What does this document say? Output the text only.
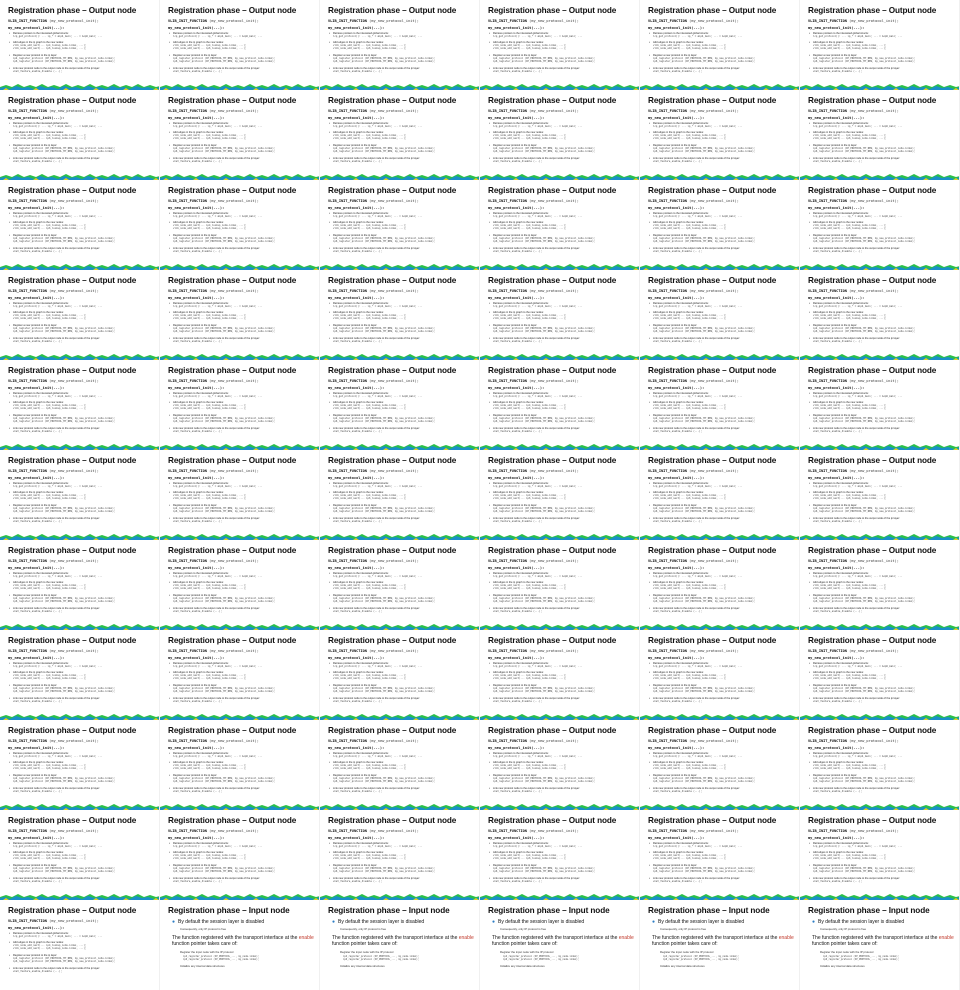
Registration phase – Output node
VLIB_INIT_FUNCTION (my_new_protocol_init);
my_new_protocol_init(...):
• Retrieve pointers to the interested global structs:
lcp_get_protocol(): ... ip_* = &ip4_main; ... = &ip6_main; ...
• Add edges in the ip graph to the new nodes:
vlib_node_add_next(... ip4_lookup_node.index, ...);
vlib_node_add_next(... ip6_lookup_node.index, ...);
• Register a new protocol to the ip layer:
ip4_register_protocol (IP_PROTOCOL_MY_NEW, my_new_protocol_node.index);
ip6_register_protocol (IP_PROTOCOL_MY_NEW, my_new_protocol_node.index);
• Link new protocol node to the output node to the output node of the ip layer:
vnet_feature_enable_disable (...);
Registration phase – Output node
VLIB_INIT_FUNCTION (my_new_protocol_init);
my_new_protocol_init(...):
• Retrieve pointers to the interested global structs:
lcp_get_protocol(): ... ip_* = &ip4_main; ... = &ip6_main; ...
• Add edges in the ip graph to the new nodes:
vlib_node_add_next(... ip4_lookup_node.index, ...);
vlib_node_add_next(... ip6_lookup_node.index, ...);
• Register a new protocol to the ip layer:
ip4_register_protocol (IP_PROTOCOL_MY_NEW, my_new_protocol_node.index);
ip6_register_protocol (IP_PROTOCOL_MY_NEW, my_new_protocol_node.index);
• Link new protocol node to the output node to the output node of the ip layer:
vnet_feature_enable_disable (...);
Registration phase – Output node
VLIB_INIT_FUNCTION (my_new_protocol_init);
my_new_protocol_init(...):
• Retrieve pointers to the interested global structs:
lcp_get_protocol(): ... ip_* = &ip4_main; ... = &ip6_main; ...
• Add edges in the ip graph to the new nodes:
vlib_node_add_next(... ip4_lookup_node.index, ...);
vlib_node_add_next(... ip6_lookup_node.index, ...);
• Register a new protocol to the ip layer:
ip4_register_protocol (IP_PROTOCOL_MY_NEW, my_new_protocol_node.index);
ip6_register_protocol (IP_PROTOCOL_MY_NEW, my_new_protocol_node.index);
• Link new protocol node to the output node to the output node of the ip layer:
vnet_feature_enable_disable (...);
Registration phase – Output node
VLIB_INIT_FUNCTION (my_new_protocol_init);
my_new_protocol_init(...):
• Retrieve pointers to the interested global structs:
lcp_get_protocol(): ... ip_* = &ip4_main; ... = &ip6_main; ...
• Add edges in the ip graph to the new nodes:
vlib_node_add_next(... ip4_lookup_node.index, ...);
vlib_node_add_next(... ip6_lookup_node.index, ...);
• Register a new protocol to the ip layer:
ip4_register_protocol (IP_PROTOCOL_MY_NEW, my_new_protocol_node.index);
ip6_register_protocol (IP_PROTOCOL_MY_NEW, my_new_protocol_node.index);
• Link new protocol node to the output node to the output node of the ip layer:
vnet_feature_enable_disable (...);
Registration phase – Output node
VLIB_INIT_FUNCTION (my_new_protocol_init);
my_new_protocol_init(...):
• Retrieve pointers to the interested global structs:
lcp_get_protocol(): ... ip_* = &ip4_main; ... = &ip6_main; ...
• Add edges in the ip graph to the new nodes:
vlib_node_add_next(... ip4_lookup_node.index, ...);
vlib_node_add_next(... ip6_lookup_node.index, ...);
• Register a new protocol to the ip layer:
ip4_register_protocol (IP_PROTOCOL_MY_NEW, my_new_protocol_node.index);
ip6_register_protocol (IP_PROTOCOL_MY_NEW, my_new_protocol_node.index);
• Link new protocol node to the output node to the output node of the ip layer:
vnet_feature_enable_disable (...);
Registration phase – Output node
VLIB_INIT_FUNCTION (my_new_protocol_init);
my_new_protocol_init(...):
• Retrieve pointers to the interested global structs:
lcp_get_protocol(): ... ip_* = &ip4_main; ... = &ip6_main; ...
• Add edges in the ip graph to the new nodes:
vlib_node_add_next(... ip4_lookup_node.index, ...);
vlib_node_add_next(... ip6_lookup_node.index, ...);
• Register a new protocol to the ip layer:
ip4_register_protocol (IP_PROTOCOL_MY_NEW, my_new_protocol_node.index);
ip6_register_protocol (IP_PROTOCOL_MY_NEW, my_new_protocol_node.index);
• Link new protocol node to the output node to the output node of the ip layer:
vnet_feature_enable_disable (...);
Registration phase – Output node
VLIB_INIT_FUNCTION (my_new_protocol_init);
my_new_protocol_init(...):
• Retrieve pointers to the interested global structs:
lcp_get_protocol(): ... ip_* = &ip4_main; ... = &ip6_main; ...
• Add edges in the ip graph to the new nodes:
vlib_node_add_next(... ip4_lookup_node.index, ...);
vlib_node_add_next(... ip6_lookup_node.index, ...);
• Register a new protocol to the ip layer:
ip4_register_protocol (IP_PROTOCOL_MY_NEW, my_new_protocol_node.index);
ip6_register_protocol (IP_PROTOCOL_MY_NEW, my_new_protocol_node.index);
• Link new protocol node to the output node to the output node of the ip layer:
vnet_feature_enable_disable (...);
Registration phase – Output node
VLIB_INIT_FUNCTION (my_new_protocol_init);
my_new_protocol_init(...):
• Retrieve pointers to the interested global structs:
lcp_get_protocol(): ... ip_* = &ip4_main; ... = &ip6_main; ...
• Add edges in the ip graph to the new nodes:
vlib_node_add_next(... ip4_lookup_node.index, ...);
vlib_node_add_next(... ip6_lookup_node.index, ...);
• Register a new protocol to the ip layer:
ip4_register_protocol (IP_PROTOCOL_MY_NEW, my_new_protocol_node.index);
ip6_register_protocol (IP_PROTOCOL_MY_NEW, my_new_protocol_node.index);
• Link new protocol node to the output node to the output node of the ip layer:
vnet_feature_enable_disable (...);
Registration phase – Output node
VLIB_INIT_FUNCTION (my_new_protocol_init);
my_new_protocol_init(...):
• Retrieve pointers to the interested global structs:
lcp_get_protocol(): ... ip_* = &ip4_main; ... = &ip6_main; ...
• Add edges in the ip graph to the new nodes:
vlib_node_add_next(... ip4_lookup_node.index, ...);
vlib_node_add_next(... ip6_lookup_node.index, ...);
• Register a new protocol to the ip layer:
ip4_register_protocol (IP_PROTOCOL_MY_NEW, my_new_protocol_node.index);
ip6_register_protocol (IP_PROTOCOL_MY_NEW, my_new_protocol_node.index);
• Link new protocol node to the output node to the output node of the ip layer:
vnet_feature_enable_disable (...);
Registration phase – Output node
VLIB_INIT_FUNCTION (my_new_protocol_init);
my_new_protocol_init(...):
• Retrieve pointers to the interested global structs:
lcp_get_protocol(): ... ip_* = &ip4_main; ... = &ip6_main; ...
• Add edges in the ip graph to the new nodes:
vlib_node_add_next(... ip4_lookup_node.index, ...);
vlib_node_add_next(... ip6_lookup_node.index, ...);
• Register a new protocol to the ip layer:
ip4_register_protocol (IP_PROTOCOL_MY_NEW, my_new_protocol_node.index);
ip6_register_protocol (IP_PROTOCOL_MY_NEW, my_new_protocol_node.index);
• Link new protocol node to the output node to the output node of the ip layer:
vnet_feature_enable_disable (...);
Registration phase – Output node
VLIB_INIT_FUNCTION (my_new_protocol_init);
my_new_protocol_init(...):
• Retrieve pointers to the interested global structs:
lcp_get_protocol(): ... ip_* = &ip4_main; ... = &ip6_main; ...
• Add edges in the ip graph to the new nodes:
vlib_node_add_next(... ip4_lookup_node.index, ...);
vlib_node_add_next(... ip6_lookup_node.index, ...);
• Register a new protocol to the ip layer:
ip4_register_protocol (IP_PROTOCOL_MY_NEW, my_new_protocol_node.index);
ip6_register_protocol (IP_PROTOCOL_MY_NEW, my_new_protocol_node.index);
• Link new protocol node to the output node to the output node of the ip layer:
vnet_feature_enable_disable (...);
Registration phase – Output node
VLIB_INIT_FUNCTION (my_new_protocol_init);
my_new_protocol_init(...):
• Retrieve pointers to the interested global structs:
lcp_get_protocol(): ... ip_* = &ip4_main; ... = &ip6_main; ...
• Add edges in the ip graph to the new nodes:
vlib_node_add_next(... ip4_lookup_node.index, ...);
vlib_node_add_next(... ip6_lookup_node.index, ...);
• Register a new protocol to the ip layer:
ip4_register_protocol (IP_PROTOCOL_MY_NEW, my_new_protocol_node.index);
ip6_register_protocol (IP_PROTOCOL_MY_NEW, my_new_protocol_node.index);
• Link new protocol node to the output node to the output node of the ip layer:
vnet_feature_enable_disable (...);
Registration phase – Output node
VLIB_INIT_FUNCTION (my_new_protocol_init);
my_new_protocol_init(...):
• Retrieve pointers to the interested global structs:
lcp_get_protocol(): ... ip_* = &ip4_main; ... = &ip6_main; ...
• Add edges in the ip graph to the new nodes:
vlib_node_add_next(... ip4_lookup_node.index, ...);
vlib_node_add_next(... ip6_lookup_node.index, ...);
• Register a new protocol to the ip layer:
ip4_register_protocol (IP_PROTOCOL_MY_NEW, my_new_protocol_node.index);
ip6_register_protocol (IP_PROTOCOL_MY_NEW, my_new_protocol_node.index);
• Link new protocol node to the output node to the output node of the ip layer:
vnet_feature_enable_disable (...);
Registration phase – Output node
VLIB_INIT_FUNCTION (my_new_protocol_init);
my_new_protocol_init(...):
• Retrieve pointers to the interested global structs:
lcp_get_protocol(): ... ip_* = &ip4_main; ... = &ip6_main; ...
• Add edges in the ip graph to the new nodes:
vlib_node_add_next(... ip4_lookup_node.index, ...);
vlib_node_add_next(... ip6_lookup_node.index, ...);
• Register a new protocol to the ip layer:
ip4_register_protocol (IP_PROTOCOL_MY_NEW, my_new_protocol_node.index);
ip6_register_protocol (IP_PROTOCOL_MY_NEW, my_new_protocol_node.index);
• Link new protocol node to the output node to the output node of the ip layer:
vnet_feature_enable_disable (...);
Registration phase – Output node
VLIB_INIT_FUNCTION (my_new_protocol_init);
my_new_protocol_init(...):
• Retrieve pointers to the interested global structs:
lcp_get_protocol(): ... ip_* = &ip4_main; ... = &ip6_main; ...
• Add edges in the ip graph to the new nodes:
vlib_node_add_next(... ip4_lookup_node.index, ...);
vlib_node_add_next(... ip6_lookup_node.index, ...);
• Register a new protocol to the ip layer:
ip4_register_protocol (IP_PROTOCOL_MY_NEW, my_new_protocol_node.index);
ip6_register_protocol (IP_PROTOCOL_MY_NEW, my_new_protocol_node.index);
• Link new protocol node to the output node to the output node of the ip layer:
vnet_feature_enable_disable (...);
Registration phase – Output node
VLIB_INIT_FUNCTION (my_new_protocol_init);
my_new_protocol_init(...):
• Retrieve pointers to the interested global structs:
lcp_get_protocol(): ... ip_* = &ip4_main; ... = &ip6_main; ...
• Add edges in the ip graph to the new nodes:
vlib_node_add_next(... ip4_lookup_node.index, ...);
vlib_node_add_next(... ip6_lookup_node.index, ...);
• Register a new protocol to the ip layer:
ip4_register_protocol (IP_PROTOCOL_MY_NEW, my_new_protocol_node.index);
ip6_register_protocol (IP_PROTOCOL_MY_NEW, my_new_protocol_node.index);
• Link new protocol node to the output node to the output node of the ip layer:
vnet_feature_enable_disable (...);
Registration phase – Output node
VLIB_INIT_FUNCTION (my_new_protocol_init);
my_new_protocol_init(...):
• Retrieve pointers to the interested global structs:
lcp_get_protocol(): ... ip_* = &ip4_main; ... = &ip6_main; ...
• Add edges in the ip graph to the new nodes:
vlib_node_add_next(... ip4_lookup_node.index, ...);
vlib_node_add_next(... ip6_lookup_node.index, ...);
• Register a new protocol to the ip layer:
ip4_register_protocol (IP_PROTOCOL_MY_NEW, my_new_protocol_node.index);
ip6_register_protocol (IP_PROTOCOL_MY_NEW, my_new_protocol_node.index);
• Link new protocol node to the output node to the output node of the ip layer:
vnet_feature_enable_disable (...);
Registration phase – Output node
VLIB_INIT_FUNCTION (my_new_protocol_init);
my_new_protocol_init(...):
• Retrieve pointers to the interested global structs:
lcp_get_protocol(): ... ip_* = &ip4_main; ... = &ip6_main; ...
• Add edges in the ip graph to the new nodes:
vlib_node_add_next(... ip4_lookup_node.index, ...);
vlib_node_add_next(... ip6_lookup_node.index, ...);
• Register a new protocol to the ip layer:
ip4_register_protocol (IP_PROTOCOL_MY_NEW, my_new_protocol_node.index);
ip6_register_protocol (IP_PROTOCOL_MY_NEW, my_new_protocol_node.index);
• Link new protocol node to the output node to the output node of the ip layer:
vnet_feature_enable_disable (...);
Registration phase – Output node
VLIB_INIT_FUNCTION (my_new_protocol_init);
my_new_protocol_init(...):
• Retrieve pointers to the interested global structs:
lcp_get_protocol(): ... ip_* = &ip4_main; ... = &ip6_main; ...
• Add edges in the ip graph to the new nodes:
vlib_node_add_next(... ip4_lookup_node.index, ...);
vlib_node_add_next(... ip6_lookup_node.index, ...);
• Register a new protocol to the ip layer:
ip4_register_protocol (IP_PROTOCOL_MY_NEW, my_new_protocol_node.index);
ip6_register_protocol (IP_PROTOCOL_MY_NEW, my_new_protocol_node.index);
• Link new protocol node to the output node to the output node of the ip layer:
vnet_feature_enable_disable (...);
Registration phase – Output node
VLIB_INIT_FUNCTION (my_new_protocol_init);
my_new_protocol_init(...):
• Retrieve pointers to the interested global structs:
lcp_get_protocol(): ... ip_* = &ip4_main; ... = &ip6_main; ...
• Add edges in the ip graph to the new nodes:
vlib_node_add_next(... ip4_lookup_node.index, ...);
vlib_node_add_next(... ip6_lookup_node.index, ...);
• Register a new protocol to the ip layer:
ip4_register_protocol (IP_PROTOCOL_MY_NEW, my_new_protocol_node.index);
ip6_register_protocol (IP_PROTOCOL_MY_NEW, my_new_protocol_node.index);
• Link new protocol node to the output node to the output node of the ip layer:
vnet_feature_enable_disable (...);
Registration phase – Output node
VLIB_INIT_FUNCTION (my_new_protocol_init);
my_new_protocol_init(...):
• Retrieve pointers to the interested global structs:
lcp_get_protocol(): ... ip_* = &ip4_main; ... = &ip6_main; ...
• Add edges in the ip graph to the new nodes:
vlib_node_add_next(... ip4_lookup_node.index, ...);
vlib_node_add_next(... ip6_lookup_node.index, ...);
• Register a new protocol to the ip layer:
ip4_register_protocol (IP_PROTOCOL_MY_NEW, my_new_protocol_node.index);
ip6_register_protocol (IP_PROTOCOL_MY_NEW, my_new_protocol_node.index);
• Link new protocol node to the output node to the output node of the ip layer:
vnet_feature_enable_disable (...);
Registration phase – Output node
VLIB_INIT_FUNCTION (my_new_protocol_init);
my_new_protocol_init(...):
• Retrieve pointers to the interested global structs:
lcp_get_protocol(): ... ip_* = &ip4_main; ... = &ip6_main; ...
• Add edges in the ip graph to the new nodes:
vlib_node_add_next(... ip4_lookup_node.index, ...);
vlib_node_add_next(... ip6_lookup_node.index, ...);
• Register a new protocol to the ip layer:
ip4_register_protocol (IP_PROTOCOL_MY_NEW, my_new_protocol_node.index);
ip6_register_protocol (IP_PROTOCOL_MY_NEW, my_new_protocol_node.index);
• Link new protocol node to the output node to the output node of the ip layer:
vnet_feature_enable_disable (...);
Registration phase – Output node
VLIB_INIT_FUNCTION (my_new_protocol_init);
my_new_protocol_init(...):
• Retrieve pointers to the interested global structs:
lcp_get_protocol(): ... ip_* = &ip4_main; ... = &ip6_main; ...
• Add edges in the ip graph to the new nodes:
vlib_node_add_next(... ip4_lookup_node.index, ...);
vlib_node_add_next(... ip6_lookup_node.index, ...);
• Register a new protocol to the ip layer:
ip4_register_protocol (IP_PROTOCOL_MY_NEW, my_new_protocol_node.index);
ip6_register_protocol (IP_PROTOCOL_MY_NEW, my_new_protocol_node.index);
• Link new protocol node to the output node to the output node of the ip layer:
vnet_feature_enable_disable (...);
Registration phase – Output node
VLIB_INIT_FUNCTION (my_new_protocol_init);
my_new_protocol_init(...):
• Retrieve pointers to the interested global structs:
lcp_get_protocol(): ... ip_* = &ip4_main; ... = &ip6_main; ...
• Add edges in the ip graph to the new nodes:
vlib_node_add_next(... ip4_lookup_node.index, ...);
vlib_node_add_next(... ip6_lookup_node.index, ...);
• Register a new protocol to the ip layer:
ip4_register_protocol (IP_PROTOCOL_MY_NEW, my_new_protocol_node.index);
ip6_register_protocol (IP_PROTOCOL_MY_NEW, my_new_protocol_node.index);
• Link new protocol node to the output node to the output node of the ip layer:
vnet_feature_enable_disable (...);
Registration phase – Output node
VLIB_INIT_FUNCTION (my_new_protocol_init);
my_new_protocol_init(...):
• Retrieve pointers to the interested global structs:
lcp_get_protocol(): ... ip_* = &ip4_main; ... = &ip6_main; ...
• Add edges in the ip graph to the new nodes:
vlib_node_add_next(... ip4_lookup_node.index, ...);
vlib_node_add_next(... ip6_lookup_node.index, ...);
• Register a new protocol to the ip layer:
ip4_register_protocol (IP_PROTOCOL_MY_NEW, my_new_protocol_node.index);
ip6_register_protocol (IP_PROTOCOL_MY_NEW, my_new_protocol_node.index);
• Link new protocol node to the output node to the output node of the ip layer:
vnet_feature_enable_disable (...);
Registration phase – Output node
VLIB_INIT_FUNCTION (my_new_protocol_init);
my_new_protocol_init(...):
• Retrieve pointers to the interested global structs:
lcp_get_protocol(): ... ip_* = &ip4_main; ... = &ip6_main; ...
• Add edges in the ip graph to the new nodes:
vlib_node_add_next(... ip4_lookup_node.index, ...);
vlib_node_add_next(... ip6_lookup_node.index, ...);
• Register a new protocol to the ip layer:
ip4_register_protocol (IP_PROTOCOL_MY_NEW, my_new_protocol_node.index);
ip6_register_protocol (IP_PROTOCOL_MY_NEW, my_new_protocol_node.index);
• Link new protocol node to the output node to the output node of the ip layer:
vnet_feature_enable_disable (...);
Registration phase – Output node
VLIB_INIT_FUNCTION (my_new_protocol_init);
my_new_protocol_init(...):
• Retrieve pointers to the interested global structs:
lcp_get_protocol(): ... ip_* = &ip4_main; ... = &ip6_main; ...
• Add edges in the ip graph to the new nodes:
vlib_node_add_next(... ip4_lookup_node.index, ...);
vlib_node_add_next(... ip6_lookup_node.index, ...);
• Register a new protocol to the ip layer:
ip4_register_protocol (IP_PROTOCOL_MY_NEW, my_new_protocol_node.index);
ip6_register_protocol (IP_PROTOCOL_MY_NEW, my_new_protocol_node.index);
• Link new protocol node to the output node to the output node of the ip layer:
vnet_feature_enable_disable (...);
Registration phase – Output node
VLIB_INIT_FUNCTION (my_new_protocol_init);
my_new_protocol_init(...):
• Retrieve pointers to the interested global structs:
lcp_get_protocol(): ... ip_* = &ip4_main; ... = &ip6_main; ...
• Add edges in the ip graph to the new nodes:
vlib_node_add_next(... ip4_lookup_node.index, ...);
vlib_node_add_next(... ip6_lookup_node.index, ...);
• Register a new protocol to the ip layer:
ip4_register_protocol (IP_PROTOCOL_MY_NEW, my_new_protocol_node.index);
ip6_register_protocol (IP_PROTOCOL_MY_NEW, my_new_protocol_node.index);
• Link new protocol node to the output node to the output node of the ip layer:
vnet_feature_enable_disable (...);
Registration phase – Output node
VLIB_INIT_FUNCTION (my_new_protocol_init);
my_new_protocol_init(...):
• Retrieve pointers to the interested global structs:
lcp_get_protocol(): ... ip_* = &ip4_main; ... = &ip6_main; ...
• Add edges in the ip graph to the new nodes:
vlib_node_add_next(... ip4_lookup_node.index, ...);
vlib_node_add_next(... ip6_lookup_node.index, ...);
• Register a new protocol to the ip layer:
ip4_register_protocol (IP_PROTOCOL_MY_NEW, my_new_protocol_node.index);
ip6_register_protocol (IP_PROTOCOL_MY_NEW, my_new_protocol_node.index);
• Link new protocol node to the output node to the output node of the ip layer:
vnet_feature_enable_disable (...);
Registration phase – Output node
VLIB_INIT_FUNCTION (my_new_protocol_init);
my_new_protocol_init(...):
• Retrieve pointers to the interested global structs:
lcp_get_protocol(): ... ip_* = &ip4_main; ... = &ip6_main; ...
• Add edges in the ip graph to the new nodes:
vlib_node_add_next(... ip4_lookup_node.index, ...);
vlib_node_add_next(... ip6_lookup_node.index, ...);
• Register a new protocol to the ip layer:
ip4_register_protocol (IP_PROTOCOL_MY_NEW, my_new_protocol_node.index);
ip6_register_protocol (IP_PROTOCOL_MY_NEW, my_new_protocol_node.index);
• Link new protocol node to the output node to the output node of the ip layer:
vnet_feature_enable_disable (...);
Registration phase – Output node
VLIB_INIT_FUNCTION (my_new_protocol_init);
my_new_protocol_init(...):
• Retrieve pointers to the interested global structs:
lcp_get_protocol(): ... ip_* = &ip4_main; ... = &ip6_main; ...
• Add edges in the ip graph to the new nodes:
vlib_node_add_next(... ip4_lookup_node.index, ...);
vlib_node_add_next(... ip6_lookup_node.index, ...);
• Register a new protocol to the ip layer:
ip4_register_protocol (IP_PROTOCOL_MY_NEW, my_new_protocol_node.index);
ip6_register_protocol (IP_PROTOCOL_MY_NEW, my_new_protocol_node.index);
• Link new protocol node to the output node to the output node of the ip layer:
vnet_feature_enable_disable (...);
Registration phase – Output node
VLIB_INIT_FUNCTION (my_new_protocol_init);
my_new_protocol_init(...):
• Retrieve pointers to the interested global structs:
lcp_get_protocol(): ... ip_* = &ip4_main; ... = &ip6_main; ...
• Add edges in the ip graph to the new nodes:
vlib_node_add_next(... ip4_lookup_node.index, ...);
vlib_node_add_next(... ip6_lookup_node.index, ...);
• Register a new protocol to the ip layer:
ip4_register_protocol (IP_PROTOCOL_MY_NEW, my_new_protocol_node.index);
ip6_register_protocol (IP_PROTOCOL_MY_NEW, my_new_protocol_node.index);
• Link new protocol node to the output node to the output node of the ip layer:
vnet_feature_enable_disable (...);
Registration phase – Output node
VLIB_INIT_FUNCTION (my_new_protocol_init);
my_new_protocol_init(...):
• Retrieve pointers to the interested global structs:
lcp_get_protocol(): ... ip_* = &ip4_main; ... = &ip6_main; ...
• Add edges in the ip graph to the new nodes:
vlib_node_add_next(... ip4_lookup_node.index, ...);
vlib_node_add_next(... ip6_lookup_node.index, ...);
• Register a new protocol to the ip layer:
ip4_register_protocol (IP_PROTOCOL_MY_NEW, my_new_protocol_node.index);
ip6_register_protocol (IP_PROTOCOL_MY_NEW, my_new_protocol_node.index);
• Link new protocol node to the output node to the output node of the ip layer:
vnet_feature_enable_disable (...);
Registration phase – Output node
VLIB_INIT_FUNCTION (my_new_protocol_init);
my_new_protocol_init(...):
• Retrieve pointers to the interested global structs:
lcp_get_protocol(): ... ip_* = &ip4_main; ... = &ip6_main; ...
• Add edges in the ip graph to the new nodes:
vlib_node_add_next(... ip4_lookup_node.index, ...);
vlib_node_add_next(... ip6_lookup_node.index, ...);
• Register a new protocol to the ip layer:
ip4_register_protocol (IP_PROTOCOL_MY_NEW, my_new_protocol_node.index);
ip6_register_protocol (IP_PROTOCOL_MY_NEW, my_new_protocol_node.index);
• Link new protocol node to the output node to the output node of the ip layer:
vnet_feature_enable_disable (...);
Registration phase – Output node
VLIB_INIT_FUNCTION (my_new_protocol_init);
my_new_protocol_init(...):
• Retrieve pointers to the interested global structs:
lcp_get_protocol(): ... ip_* = &ip4_main; ... = &ip6_main; ...
• Add edges in the ip graph to the new nodes:
vlib_node_add_next(... ip4_lookup_node.index, ...);
vlib_node_add_next(... ip6_lookup_node.index, ...);
• Register a new protocol to the ip layer:
ip4_register_protocol (IP_PROTOCOL_MY_NEW, my_new_protocol_node.index);
ip6_register_protocol (IP_PROTOCOL_MY_NEW, my_new_protocol_node.index);
• Link new protocol node to the output node to the output node of the ip layer:
vnet_feature_enable_disable (...);
Registration phase – Output node
VLIB_INIT_FUNCTION (my_new_protocol_init);
my_new_protocol_init(...):
• Retrieve pointers to the interested global structs:
lcp_get_protocol(): ... ip_* = &ip4_main; ... = &ip6_main; ...
• Add edges in the ip graph to the new nodes:
vlib_node_add_next(... ip4_lookup_node.index, ...);
vlib_node_add_next(... ip6_lookup_node.index, ...);
• Register a new protocol to the ip layer:
ip4_register_protocol (IP_PROTOCOL_MY_NEW, my_new_protocol_node.index);
ip6_register_protocol (IP_PROTOCOL_MY_NEW, my_new_protocol_node.index);
• Link new protocol node to the output node to the output node of the ip layer:
vnet_feature_enable_disable (...);
Registration phase – Output node
VLIB_INIT_FUNCTION (my_new_protocol_init);
my_new_protocol_init(...):
• Retrieve pointers to the interested global structs:
lcp_get_protocol(): ... ip_* = &ip4_main; ... = &ip6_main; ...
• Add edges in the ip graph to the new nodes:
vlib_node_add_next(... ip4_lookup_node.index, ...);
vlib_node_add_next(... ip6_lookup_node.index, ...);
• Register a new protocol to the ip layer:
ip4_register_protocol (IP_PROTOCOL_MY_NEW, my_new_protocol_node.index);
ip6_register_protocol (IP_PROTOCOL_MY_NEW, my_new_protocol_node.index);
• Link new protocol node to the output node to the output node of the ip layer:
vnet_feature_enable_disable (...);
Registration phase – Output node
VLIB_INIT_FUNCTION (my_new_protocol_init);
my_new_protocol_init(...):
• Retrieve pointers to the interested global structs:
lcp_get_protocol(): ... ip_* = &ip4_main; ... = &ip6_main; ...
• Add edges in the ip graph to the new nodes:
vlib_node_add_next(... ip4_lookup_node.index, ...);
vlib_node_add_next(... ip6_lookup_node.index, ...);
• Register a new protocol to the ip layer:
ip4_register_protocol (IP_PROTOCOL_MY_NEW, my_new_protocol_node.index);
ip6_register_protocol (IP_PROTOCOL_MY_NEW, my_new_protocol_node.index);
• Link new protocol node to the output node to the output node of the ip layer:
vnet_feature_enable_disable (...);
Registration phase – Output node
VLIB_INIT_FUNCTION (my_new_protocol_init);
my_new_protocol_init(...):
• Retrieve pointers to the interested global structs:
lcp_get_protocol(): ... ip_* = &ip4_main; ... = &ip6_main; ...
• Add edges in the ip graph to the new nodes:
vlib_node_add_next(... ip4_lookup_node.index, ...);
vlib_node_add_next(... ip6_lookup_node.index, ...);
• Register a new protocol to the ip layer:
ip4_register_protocol (IP_PROTOCOL_MY_NEW, my_new_protocol_node.index);
ip6_register_protocol (IP_PROTOCOL_MY_NEW, my_new_protocol_node.index);
• Link new protocol node to the output node to the output node of the ip layer:
vnet_feature_enable_disable (...);
Registration phase – Output node
VLIB_INIT_FUNCTION (my_new_protocol_init);
my_new_protocol_init(...):
• Retrieve pointers to the interested global structs:
lcp_get_protocol(): ... ip_* = &ip4_main; ... = &ip6_main; ...
• Add edges in the ip graph to the new nodes:
vlib_node_add_next(... ip4_lookup_node.index, ...);
vlib_node_add_next(... ip6_lookup_node.index, ...);
• Register a new protocol to the ip layer:
ip4_register_protocol (IP_PROTOCOL_MY_NEW, my_new_protocol_node.index);
ip6_register_protocol (IP_PROTOCOL_MY_NEW, my_new_protocol_node.index);
• Link new protocol node to the output node to the output node of the ip layer:
vnet_feature_enable_disable (...);
Registration phase – Output node
VLIB_INIT_FUNCTION (my_new_protocol_init);
my_new_protocol_init(...):
• Retrieve pointers to the interested global structs:
lcp_get_protocol(): ... ip_* = &ip4_main; ... = &ip6_main; ...
• Add edges in the ip graph to the new nodes:
vlib_node_add_next(... ip4_lookup_node.index, ...);
vlib_node_add_next(... ip6_lookup_node.index, ...);
• Register a new protocol to the ip layer:
ip4_register_protocol (IP_PROTOCOL_MY_NEW, my_new_protocol_node.index);
ip6_register_protocol (IP_PROTOCOL_MY_NEW, my_new_protocol_node.index);
• Link new protocol node to the output node to the output node of the ip layer:
vnet_feature_enable_disable (...);
Registration phase – Output node
VLIB_INIT_FUNCTION (my_new_protocol_init);
my_new_protocol_init(...):
• Retrieve pointers to the interested global structs:
lcp_get_protocol(): ... ip_* = &ip4_main; ... = &ip6_main; ...
• Add edges in the ip graph to the new nodes:
vlib_node_add_next(... ip4_lookup_node.index, ...);
vlib_node_add_next(... ip6_lookup_node.index, ...);
• Register a new protocol to the ip layer:
ip4_register_protocol (IP_PROTOCOL_MY_NEW, my_new_protocol_node.index);
ip6_register_protocol (IP_PROTOCOL_MY_NEW, my_new_protocol_node.index);
• Link new protocol node to the output node to the output node of the ip layer:
vnet_feature_enable_disable (...);
Registration phase – Output node
VLIB_INIT_FUNCTION (my_new_protocol_init);
my_new_protocol_init(...):
• Retrieve pointers to the interested global structs:
lcp_get_protocol(): ... ip_* = &ip4_main; ... = &ip6_main; ...
• Add edges in the ip graph to the new nodes:
vlib_node_add_next(... ip4_lookup_node.index, ...);
vlib_node_add_next(... ip6_lookup_node.index, ...);
• Register a new protocol to the ip layer:
ip4_register_protocol (IP_PROTOCOL_MY_NEW, my_new_protocol_node.index);
ip6_register_protocol (IP_PROTOCOL_MY_NEW, my_new_protocol_node.index);
• Link new protocol node to the output node to the output node of the ip layer:
vnet_feature_enable_disable (...);
Registration phase – Output node
VLIB_INIT_FUNCTION (my_new_protocol_init);
my_new_protocol_init(...):
• Retrieve pointers to the interested global structs:
lcp_get_protocol(): ... ip_* = &ip4_main; ... = &ip6_main; ...
• Add edges in the ip graph to the new nodes:
vlib_node_add_next(... ip4_lookup_node.index, ...);
vlib_node_add_next(... ip6_lookup_node.index, ...);
• Register a new protocol to the ip layer:
ip4_register_protocol (IP_PROTOCOL_MY_NEW, my_new_protocol_node.index);
ip6_register_protocol (IP_PROTOCOL_MY_NEW, my_new_protocol_node.index);
• Link new protocol node to the output node to the output node of the ip layer:
vnet_feature_enable_disable (...);
Registration phase – Output node
VLIB_INIT_FUNCTION (my_new_protocol_init);
my_new_protocol_init(...):
• Retrieve pointers to the interested global structs:
lcp_get_protocol(): ... ip_* = &ip4_main; ... = &ip6_main; ...
• Add edges in the ip graph to the new nodes:
vlib_node_add_next(... ip4_lookup_node.index, ...);
vlib_node_add_next(... ip6_lookup_node.index, ...);
• Register a new protocol to the ip layer:
ip4_register_protocol (IP_PROTOCOL_MY_NEW, my_new_protocol_node.index);
ip6_register_protocol (IP_PROTOCOL_MY_NEW, my_new_protocol_node.index);
• Link new protocol node to the output node to the output node of the ip layer:
vnet_feature_enable_disable (...);
Registration phase – Output node
VLIB_INIT_FUNCTION (my_new_protocol_init);
my_new_protocol_init(...):
• Retrieve pointers to the interested global structs:
lcp_get_protocol(): ... ip_* = &ip4_main; ... = &ip6_main; ...
• Add edges in the ip graph to the new nodes:
vlib_node_add_next(... ip4_lookup_node.index, ...);
vlib_node_add_next(... ip6_lookup_node.index, ...);
• Register a new protocol to the ip layer:
ip4_register_protocol (IP_PROTOCOL_MY_NEW, my_new_protocol_node.index);
ip6_register_protocol (IP_PROTOCOL_MY_NEW, my_new_protocol_node.index);
• Link new protocol node to the output node to the output node of the ip layer:
vnet_feature_enable_disable (...);
Registration phase – Output node
VLIB_INIT_FUNCTION (my_new_protocol_init);
my_new_protocol_init(...):
• Retrieve pointers to the interested global structs:
lcp_get_protocol(): ... ip_* = &ip4_main; ... = &ip6_main; ...
• Add edges in the ip graph to the new nodes:
vlib_node_add_next(... ip4_lookup_node.index, ...);
vlib_node_add_next(... ip6_lookup_node.index, ...);
• Register a new protocol to the ip layer:
ip4_register_protocol (IP_PROTOCOL_MY_NEW, my_new_protocol_node.index);
ip6_register_protocol (IP_PROTOCOL_MY_NEW, my_new_protocol_node.index);
• Link new protocol node to the output node to the output node of the ip layer:
vnet_feature_enable_disable (...);
Registration phase – Output node
VLIB_INIT_FUNCTION (my_new_protocol_init);
my_new_protocol_init(...):
• Retrieve pointers to the interested global structs:
lcp_get_protocol(): ... ip_* = &ip4_main; ... = &ip6_main; ...
• Add edges in the ip graph to the new nodes:
vlib_node_add_next(... ip4_lookup_node.index, ...);
vlib_node_add_next(... ip6_lookup_node.index, ...);
• Register a new protocol to the ip layer:
ip4_register_protocol (IP_PROTOCOL_MY_NEW, my_new_protocol_node.index);
ip6_register_protocol (IP_PROTOCOL_MY_NEW, my_new_protocol_node.index);
• Link new protocol node to the output node to the output node of the ip layer:
vnet_feature_enable_disable (...);
Registration phase – Output node
VLIB_INIT_FUNCTION (my_new_protocol_init);
my_new_protocol_init(...):
• Retrieve pointers to the interested global structs:
lcp_get_protocol(): ... ip_* = &ip4_main; ... = &ip6_main; ...
• Add edges in the ip graph to the new nodes:
vlib_node_add_next(... ip4_lookup_node.index, ...);
vlib_node_add_next(... ip6_lookup_node.index, ...);
• Register a new protocol to the ip layer:
ip4_register_protocol (IP_PROTOCOL_MY_NEW, my_new_protocol_node.index);
ip6_register_protocol (IP_PROTOCOL_MY_NEW, my_new_protocol_node.index);
• Link new protocol node to the output node to the output node of the ip layer:
vnet_feature_enable_disable (...);
Registration phase – Output node
VLIB_INIT_FUNCTION (my_new_protocol_init);
my_new_protocol_init(...):
• Retrieve pointers to the interested global structs:
lcp_get_protocol(): ... ip_* = &ip4_main; ... = &ip6_main; ...
• Add edges in the ip graph to the new nodes:
vlib_node_add_next(... ip4_lookup_node.index, ...);
vlib_node_add_next(... ip6_lookup_node.index, ...);
• Register a new protocol to the ip layer:
ip4_register_protocol (IP_PROTOCOL_MY_NEW, my_new_protocol_node.index);
ip6_register_protocol (IP_PROTOCOL_MY_NEW, my_new_protocol_node.index);
• Link new protocol node to the output node to the output node of the ip layer:
vnet_feature_enable_disable (...);
Registration phase – Output node
VLIB_INIT_FUNCTION (my_new_protocol_init);
my_new_protocol_init(...):
• Retrieve pointers to the interested global structs:
lcp_get_protocol(): ... ip_* = &ip4_main; ... = &ip6_main; ...
• Add edges in the ip graph to the new nodes:
vlib_node_add_next(... ip4_lookup_node.index, ...);
vlib_node_add_next(... ip6_lookup_node.index, ...);
• Register a new protocol to the ip layer:
ip4_register_protocol (IP_PROTOCOL_MY_NEW, my_new_protocol_node.index);
ip6_register_protocol (IP_PROTOCOL_MY_NEW, my_new_protocol_node.index);
• Link new protocol node to the output node to the output node of the ip layer:
vnet_feature_enable_disable (...);
Registration phase – Output node
VLIB_INIT_FUNCTION (my_new_protocol_init);
my_new_protocol_init(...):
• Retrieve pointers to the interested global structs:
lcp_get_protocol(): ... ip_* = &ip4_main; ... = &ip6_main; ...
• Add edges in the ip graph to the new nodes:
vlib_node_add_next(... ip4_lookup_node.index, ...);
vlib_node_add_next(... ip6_lookup_node.index, ...);
• Register a new protocol to the ip layer:
ip4_register_protocol (IP_PROTOCOL_MY_NEW, my_new_protocol_node.index);
ip6_register_protocol (IP_PROTOCOL_MY_NEW, my_new_protocol_node.index);
• Link new protocol node to the output node to the output node of the ip layer:
vnet_feature_enable_disable (...);
Registration phase – Output node
VLIB_INIT_FUNCTION (my_new_protocol_init);
my_new_protocol_init(...):
• Retrieve pointers to the interested global structs:
lcp_get_protocol(): ... ip_* = &ip4_main; ... = &ip6_main; ...
• Add edges in the ip graph to the new nodes:
vlib_node_add_next(... ip4_lookup_node.index, ...);
vlib_node_add_next(... ip6_lookup_node.index, ...);
• Register a new protocol to the ip layer:
ip4_register_protocol (IP_PROTOCOL_MY_NEW, my_new_protocol_node.index);
ip6_register_protocol (IP_PROTOCOL_MY_NEW, my_new_protocol_node.index);
• Link new protocol node to the output node to the output node of the ip layer:
vnet_feature_enable_disable (...);
Registration phase – Output node
VLIB_INIT_FUNCTION (my_new_protocol_init);
my_new_protocol_init(...):
• Retrieve pointers to the interested global structs:
lcp_get_protocol(): ... ip_* = &ip4_main; ... = &ip6_main; ...
• Add edges in the ip graph to the new nodes:
vlib_node_add_next(... ip4_lookup_node.index, ...);
vlib_node_add_next(... ip6_lookup_node.index, ...);
• Register a new protocol to the ip layer:
ip4_register_protocol (IP_PROTOCOL_MY_NEW, my_new_protocol_node.index);
ip6_register_protocol (IP_PROTOCOL_MY_NEW, my_new_protocol_node.index);
• Link new protocol node to the output node to the output node of the ip layer:
vnet_feature_enable_disable (...);
Registration phase – Output node
VLIB_INIT_FUNCTION (my_new_protocol_init);
my_new_protocol_init(...):
• Retrieve pointers to the interested global structs:
lcp_get_protocol(): ... ip_* = &ip4_main; ... = &ip6_main; ...
• Add edges in the ip graph to the new nodes:
vlib_node_add_next(... ip4_lookup_node.index, ...);
vlib_node_add_next(... ip6_lookup_node.index, ...);
• Register a new protocol to the ip layer:
ip4_register_protocol (IP_PROTOCOL_MY_NEW, my_new_protocol_node.index);
ip6_register_protocol (IP_PROTOCOL_MY_NEW, my_new_protocol_node.index);
• Link new protocol node to the output node to the output node of the ip layer:
vnet_feature_enable_disable (...);
Registration phase – Output node
VLIB_INIT_FUNCTION (my_new_protocol_init);
my_new_protocol_init(...):
• Retrieve pointers to the interested global structs:
lcp_get_protocol(): ... ip_* = &ip4_main; ... = &ip6_main; ...
• Add edges in the ip graph to the new nodes:
vlib_node_add_next(... ip4_lookup_node.index, ...);
vlib_node_add_next(... ip6_lookup_node.index, ...);
• Register a new protocol to the ip layer:
ip4_register_protocol (IP_PROTOCOL_MY_NEW, my_new_protocol_node.index);
ip6_register_protocol (IP_PROTOCOL_MY_NEW, my_new_protocol_node.index);
• Link new protocol node to the output node to the output node of the ip layer:
vnet_feature_enable_disable (...);
Registration phase – Output node
VLIB_INIT_FUNCTION (my_new_protocol_init);
my_new_protocol_init(...):
• Retrieve pointers to the interested global structs:
lcp_get_protocol(): ... ip_* = &ip4_main; ... = &ip6_main; ...
• Add edges in the ip graph to the new nodes:
vlib_node_add_next(... ip4_lookup_node.index, ...);
vlib_node_add_next(... ip6_lookup_node.index, ...);
• Register a new protocol to the ip layer:
ip4_register_protocol (IP_PROTOCOL_MY_NEW, my_new_protocol_node.index);
ip6_register_protocol (IP_PROTOCOL_MY_NEW, my_new_protocol_node.index);
• Link new protocol node to the output node to the output node of the ip layer:
vnet_feature_enable_disable (...);
Registration phase – Output node
VLIB_INIT_FUNCTION (my_new_protocol_init);
my_new_protocol_init(...):
• Retrieve pointers to the interested global structs:
lcp_get_protocol(): ... ip_* = &ip4_main; ... = &ip6_main; ...
• Add edges in the ip graph to the new nodes:
vlib_node_add_next(... ip4_lookup_node.index, ...);
vlib_node_add_next(... ip6_lookup_node.index, ...);
• Register a new protocol to the ip layer:
ip4_register_protocol (IP_PROTOCOL_MY_NEW, my_new_protocol_node.index);
ip6_register_protocol (IP_PROTOCOL_MY_NEW, my_new_protocol_node.index);
• Link new protocol node to the output node to the output node of the ip layer:
vnet_feature_enable_disable (...);
Registration phase – Output node
VLIB_INIT_FUNCTION (my_new_protocol_init);
my_new_protocol_init(...):
• Retrieve pointers to the interested global structs:
lcp_get_protocol(): ... ip_* = &ip4_main; ... = &ip6_main; ...
• Add edges in the ip graph to the new nodes:
vlib_node_add_next(... ip4_lookup_node.index, ...);
vlib_node_add_next(... ip6_lookup_node.index, ...);
• Register a new protocol to the ip layer:
ip4_register_protocol (IP_PROTOCOL_MY_NEW, my_new_protocol_node.index);
ip6_register_protocol (IP_PROTOCOL_MY_NEW, my_new_protocol_node.index);
• Link new protocol node to the output node to the output node of the ip layer:
vnet_feature_enable_disable (...);
Registration phase – Output node
VLIB_INIT_FUNCTION (my_new_protocol_init);
my_new_protocol_init(...):
• Retrieve pointers to the interested global structs:
lcp_get_protocol(): ... ip_* = &ip4_main; ... = &ip6_main; ...
• Add edges in the ip graph to the new nodes:
vlib_node_add_next(... ip4_lookup_node.index, ...);
vlib_node_add_next(... ip6_lookup_node.index, ...);
• Register a new protocol to the ip layer:
ip4_register_protocol (IP_PROTOCOL_MY_NEW, my_new_protocol_node.index);
ip6_register_protocol (IP_PROTOCOL_MY_NEW, my_new_protocol_node.index);
• Link new protocol node to the output node to the output node of the ip layer:
vnet_feature_enable_disable (...);
Registration phase – Output node
VLIB_INIT_FUNCTION (my_new_protocol_init);
my_new_protocol_init(...):
• Retrieve pointers to the interested global structs:
lcp_get_protocol(): ... ip_* = &ip4_main; ... = &ip6_main; ...
• Add edges in the ip graph to the new nodes:
vlib_node_add_next(... ip4_lookup_node.index, ...);
vlib_node_add_next(... ip6_lookup_node.index, ...);
• Register a new protocol to the ip layer:
ip4_register_protocol (IP_PROTOCOL_MY_NEW, my_new_protocol_node.index);
ip6_register_protocol (IP_PROTOCOL_MY_NEW, my_new_protocol_node.index);
• Link new protocol node to the output node to the output node of the ip layer:
vnet_feature_enable_disable (...);
Registration phase – Input node
● By default the session layer is disabled
Consequently, only IP protocol is free
The function registered with the transport interface at the enable function pointer takes care of:
Register the input node with the IP protocol
ip4_register_protocol (IP_PROTOCOL_..., my_node.index);
ip6_register_protocol (IP_PROTOCOL_..., my_node.index);
Initialize any internal data structures
Registration phase – Input node
● By default the session layer is disabled
Consequently, only IP protocol is free
The function registered with the transport interface at the enable function pointer takes care of:
Register the input node with the IP protocol
ip4_register_protocol (IP_PROTOCOL_..., my_node.index);
ip6_register_protocol (IP_PROTOCOL_..., my_node.index);
Initialize any internal data structures
Registration phase – Input node
● By default the session layer is disabled
Consequently, only IP protocol is free
The function registered with the transport interface at the enable function pointer takes care of:
Register the input node with the IP protocol
ip4_register_protocol (IP_PROTOCOL_..., my_node.index);
ip6_register_protocol (IP_PROTOCOL_..., my_node.index);
Initialize any internal data structures
Registration phase – Input node
● By default the session layer is disabled
Consequently, only IP protocol is free
The function registered with the transport interface at the enable function pointer takes care of:
Register the input node with the IP protocol
ip4_register_protocol (IP_PROTOCOL_..., my_node.index);
ip6_register_protocol (IP_PROTOCOL_..., my_node.index);
Initialize any internal data structures
Registration phase – Input node
● By default the session layer is disabled
Consequently, only IP protocol is free
The function registered with the transport interface at the enable function pointer takes care of:
Register the input node with the IP protocol
ip4_register_protocol (IP_PROTOCOL_..., my_node.index);
ip6_register_protocol (IP_PROTOCOL_..., my_node.index);
Initialize any internal data structures
